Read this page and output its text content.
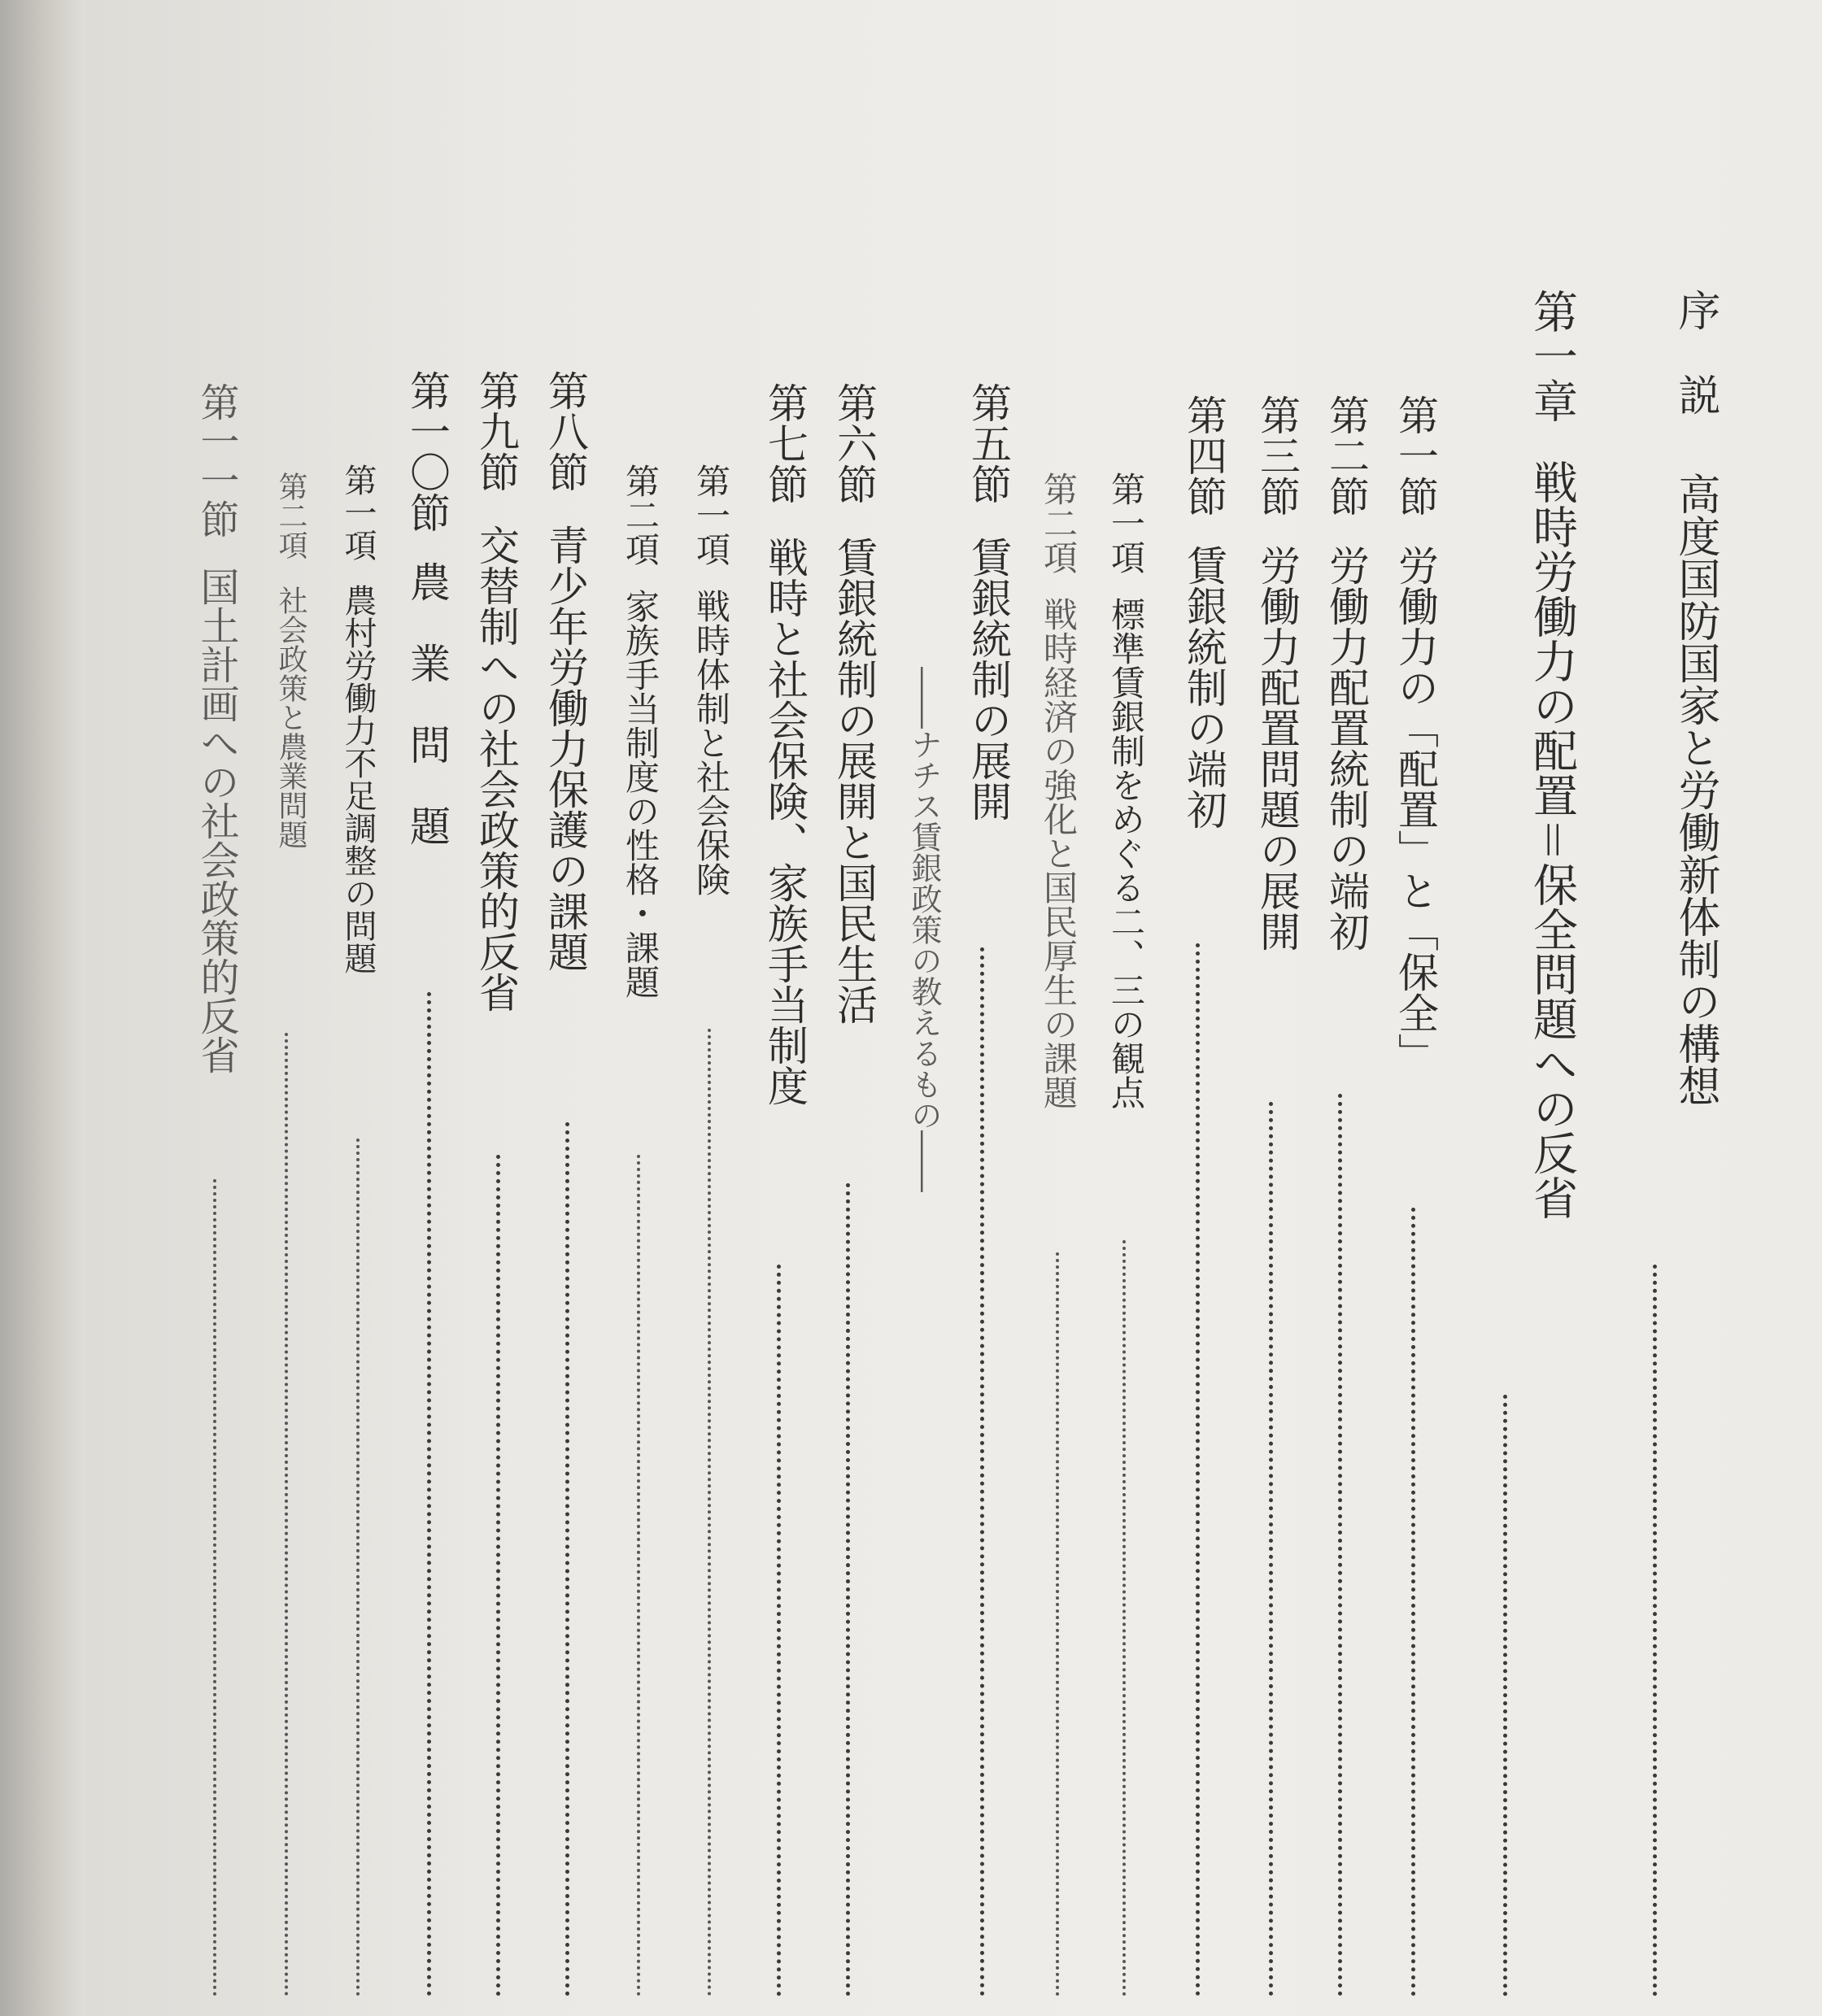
序　説高度国防国家と労働新体制の構想
第一章戦時労働力の配置＝保全問題への反省
第一節労働力の「配置」と「保全」
第二節労働力配置統制の端初
第三節労働力配置問題の展開
第四節賃銀統制の端初
第一項標準賃銀制をめぐる二、三の観点
第二項戦時経済の強化と国民厚生の課題
第五節賃銀統制の展開
――ナチス賃銀政策の教えるもの――
第六節賃銀統制の展開と国民生活
第七節戦時と社会保険、家族手当制度
第一項戦時体制と社会保険
第二項家族手当制度の性格・課題
第八節青少年労働力保護の課題
第九節交替制への社会政策的反省
第一〇節農　業　問　題
第一項農村労働力不足調整の問題
第二項社会政策と農業問題
第一一節国土計画への社会政策的反省
